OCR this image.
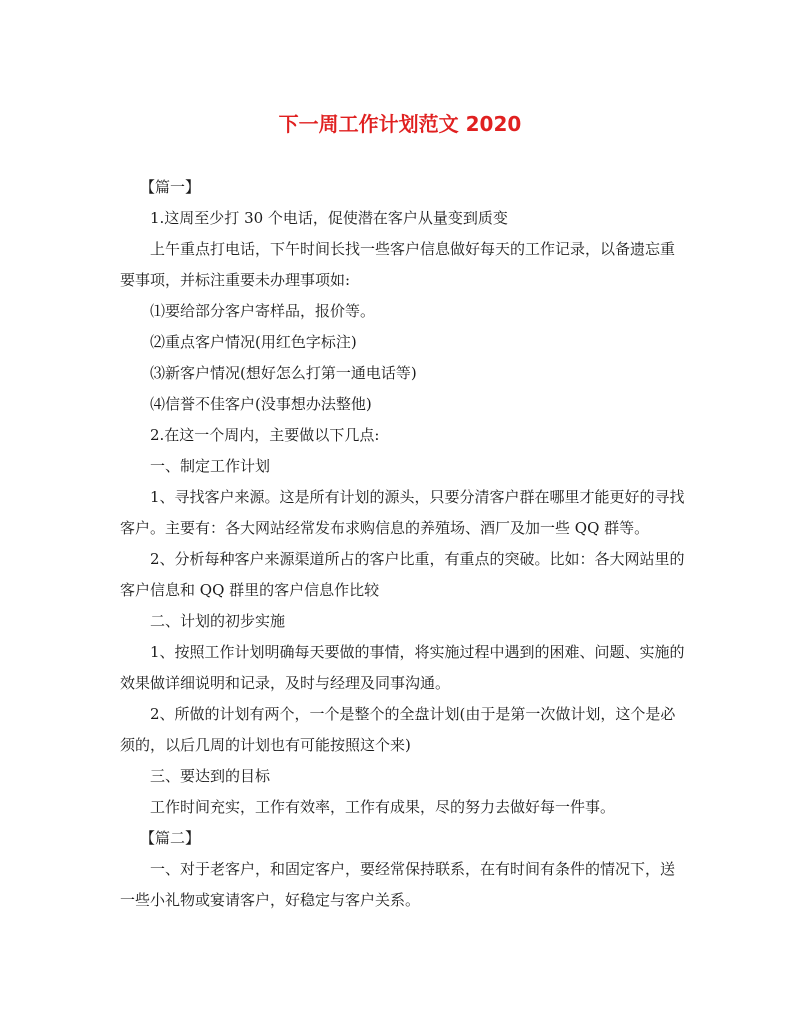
下一周工作计划范文 2020

【篇一】

1.这周至少打 30 个电话，促使潜在客户从量变到质变

上午重点打电话，下午时间长找一些客户信息做好每天的工作记录，以备遗忘重要事项，并标注重要未办理事项如:

⑴要给部分客户寄样品，报价等。

⑵重点客户情况(用红色字标注)

⑶新客户情况(想好怎么打第一通电话等)

⑷信誉不佳客户(没事想办法整他)

2.在这一个周内，主要做以下几点:

一、制定工作计划

1、寻找客户来源。这是所有计划的源头，只要分清客户群在哪里才能更好的寻找客户。主要有：各大网站经常发布求购信息的养殖场、酒厂及加一些 QQ 群等。

2、分析每种客户来源渠道所占的客户比重，有重点的突破。比如：各大网站里的客户信息和 QQ 群里的客户信息作比较

二、计划的初步实施

1、按照工作计划明确每天要做的事情，将实施过程中遇到的困难、问题、实施的效果做详细说明和记录，及时与经理及同事沟通。

2、所做的计划有两个，一个是整个的全盘计划(由于是第一次做计划，这个是必须的，以后几周的计划也有可能按照这个来)

三、要达到的目标

工作时间充实，工作有效率，工作有成果，尽的努力去做好每一件事。

【篇二】

一、对于老客户，和固定客户，要经常保持联系，在有时间有条件的情况下，送一些小礼物或宴请客户，好稳定与客户关系。
